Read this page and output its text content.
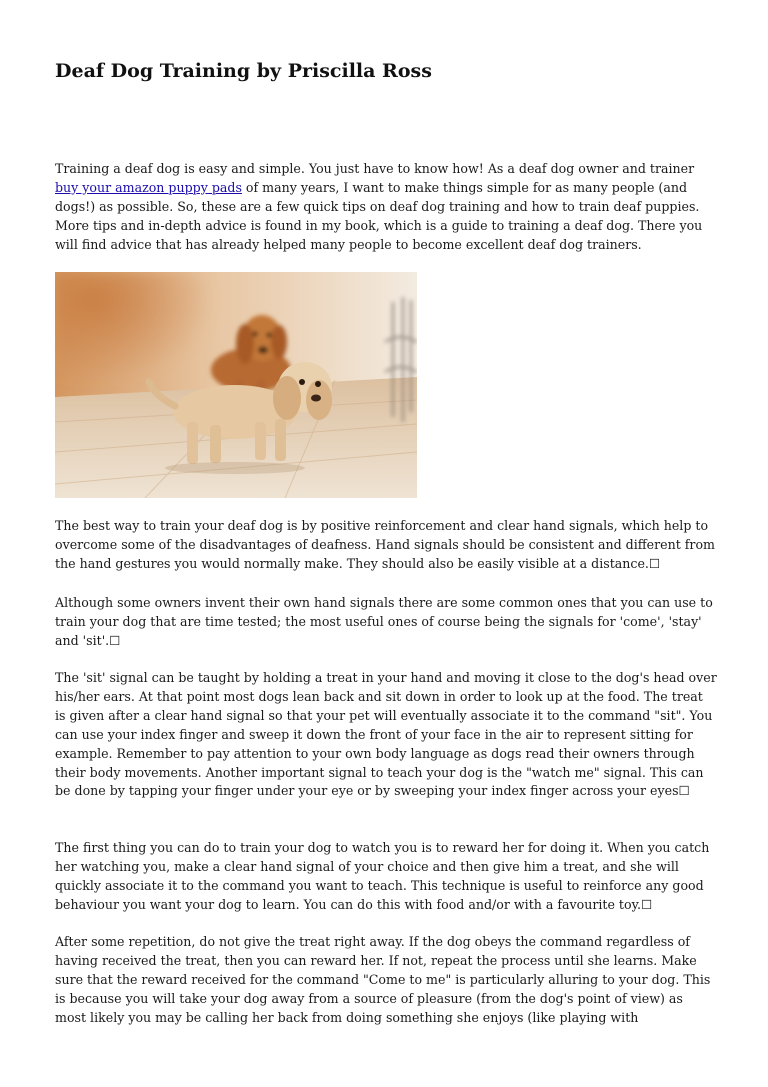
Deaf Dog Training by Priscilla Ross

Training a deaf dog is easy and simple. You just have to know how! As a deaf dog owner and trainer buy your amazon puppy pads of many years, I want to make things simple for as many people (and dogs!) as possible. So, these are a few quick tips on deaf dog training and how to train deaf puppies. More tips and in-depth advice is found in my book, which is a guide to training a deaf dog. There you will find advice that has already helped many people to become excellent deaf dog trainers.

The best way to train your deaf dog is by positive reinforcement and clear hand signals, which help to overcome some of the disadvantages of deafness. Hand signals should be consistent and different from the hand gestures you would normally make. They should also be easily visible at a distance.☐

Although some owners invent their own hand signals there are some common ones that you can use to train your dog that are time tested; the most useful ones of course being the signals for 'come', 'stay' and 'sit'.☐

The 'sit' signal can be taught by holding a treat in your hand and moving it close to the dog's head over his/her ears. At that point most dogs lean back and sit down in order to look up at the food. The treat is given after a clear hand signal so that your pet will eventually associate it to the command "sit". You can use your index finger and sweep it down the front of your face in the air to represent sitting for example. Remember to pay attention to your own body language as dogs read their owners through their body movements. Another important signal to teach your dog is the "watch me" signal. This can be done by tapping your finger under your eye or by sweeping your index finger across your eyes☐

The first thing you can do to train your dog to watch you is to reward her for doing it. When you catch her watching you, make a clear hand signal of your choice and then give him a treat, and she will quickly associate it to the command you want to teach. This technique is useful to reinforce any good behaviour you want your dog to learn. You can do this with food and/or with a favourite toy.☐

After some repetition, do not give the treat right away. If the dog obeys the command regardless of having received the treat, then you can reward her. If not, repeat the process until she learns. Make sure that the reward received for the command "Come to me" is particularly alluring to your dog. This is because you will take your dog away from a source of pleasure (from the dog's point of view) as most likely you may be calling her back from doing something she enjoys (like playing with
